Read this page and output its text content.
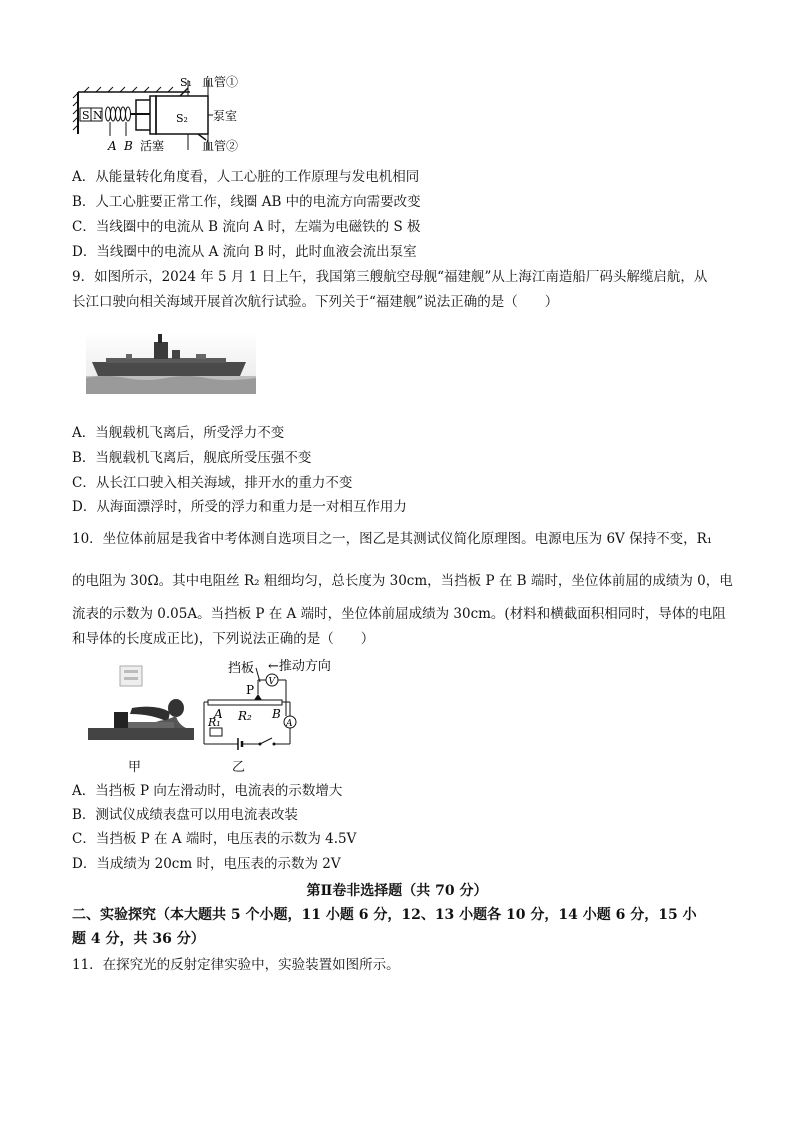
S N
S₁ 血管①
泵室
S₂
血管②
A B 活塞
A．从能量转化角度看，人工心脏的工作原理与发电机相同
B．人工心脏要正常工作，线圈 AB 中的电流方向需要改变
C．当线圈中的电流从 B 流向 A 时，左端为电磁铁的 S 极
D．当线圈中的电流从 A 流向 B 时，此时血液会流出泵室
9．如图所示，2024 年 5 月 1 日上午，我国第三艘航空母舰“福建舰”从上海江南造船厂码头解缆启航，从
长江口驶向相关海域开展首次航行试验。下列关于“福建舰”说法正确的是（　　）
A．当舰载机飞离后，所受浮力不变
B．当舰载机飞离后，舰底所受压强不变
C．从长江口驶入相关海域，排开水的重力不变
D．从海面漂浮时，所受的浮力和重力是一对相互作用力
10．坐位体前屈是我省中考体测自选项目之一，图乙是其测试仪简化原理图。电源电压为 6V 保持不变，R₁
的电阻为 30Ω。其中电阻丝 R₂ 粗细均匀，总长度为 30cm，当挡板 P 在 B 端时，坐位体前屈的成绩为 0，电
流表的示数为 0.05A。当挡板 P 在 A 端时，坐位体前屈成绩为 30cm。(材料和横截面积相同时，导体的电阻
和导体的长度成正比)，下列说法正确的是（　　）
甲
挡板 ←推动方向
V
P
A R₂ B
A
R₁
乙
A．当挡板 P 向左滑动时，电流表的示数增大
B．测试仪成绩表盘可以用电流表改装
C．当挡板 P 在 A 端时，电压表的示数为 4.5V
D．当成绩为 20cm 时，电压表的示数为 2V
第Ⅱ卷非选择题（共 70 分）
二、实验探究（本大题共 5 个小题，11 小题 6 分，12、13 小题各 10 分，14 小题 6 分，15 小
题 4 分，共 36 分）
11．在探究光的反射定律实验中，实验装置如图所示。
